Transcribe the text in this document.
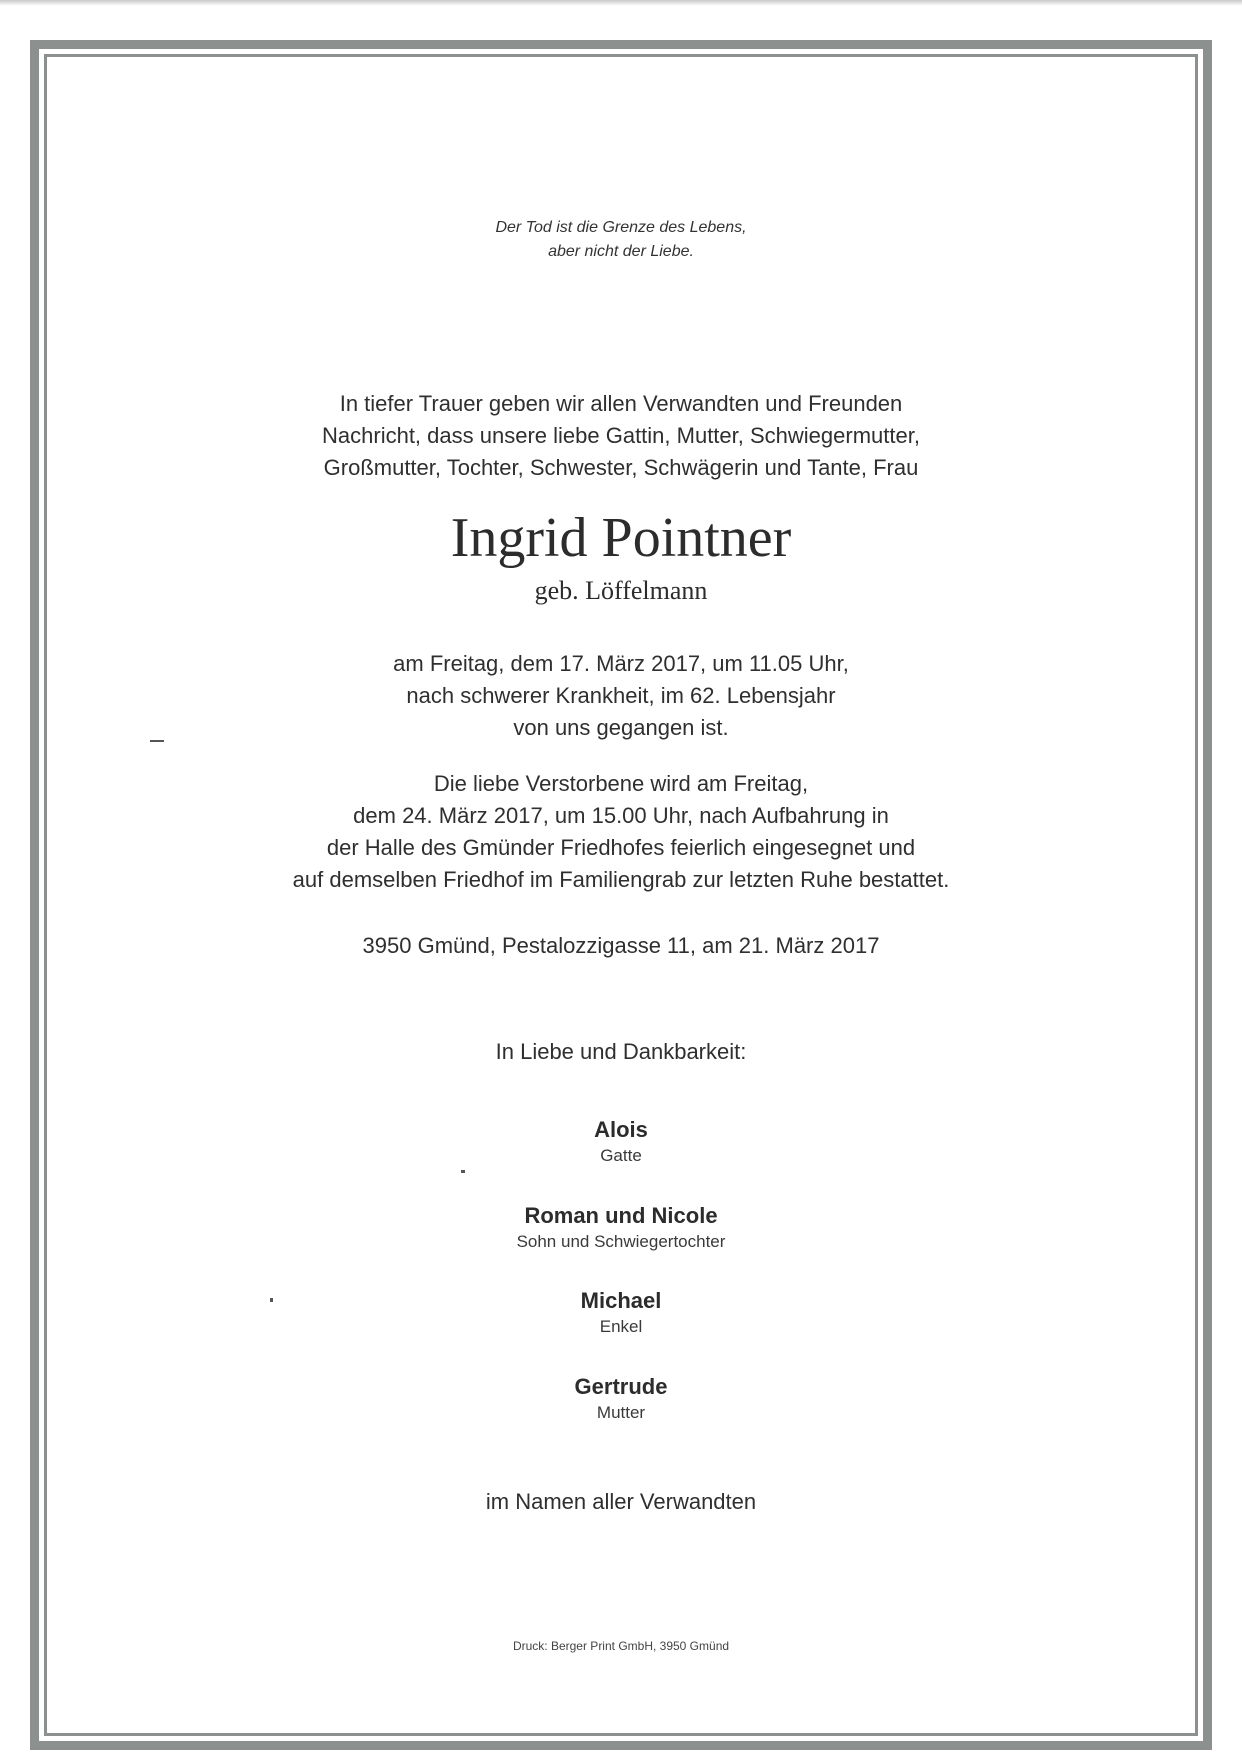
Der Tod ist die Grenze des Lebens,
aber nicht der Liebe.
In tiefer Trauer geben wir allen Verwandten und Freunden
Nachricht, dass unsere liebe Gattin, Mutter, Schwiegermutter,
Großmutter, Tochter, Schwester, Schwägerin und Tante, Frau
Ingrid Pointner
geb. Löffelmann
am Freitag, dem 17. März 2017, um 11.05 Uhr,
nach schwerer Krankheit, im 62. Lebensjahr
von uns gegangen ist.
Die liebe Verstorbene wird am Freitag,
dem 24. März 2017, um 15.00 Uhr, nach Aufbahrung in
der Halle des Gmünder Friedhofes feierlich eingesegnet und
auf demselben Friedhof im Familiengrab zur letzten Ruhe bestattet.
3950 Gmünd, Pestalozzigasse 11, am 21. März 2017
In Liebe und Dankbarkeit:
Alois
Gatte
Roman und Nicole
Sohn und Schwiegertochter
Michael
Enkel
Gertrude
Mutter
im Namen aller Verwandten
Druck: Berger Print GmbH, 3950 Gmünd
